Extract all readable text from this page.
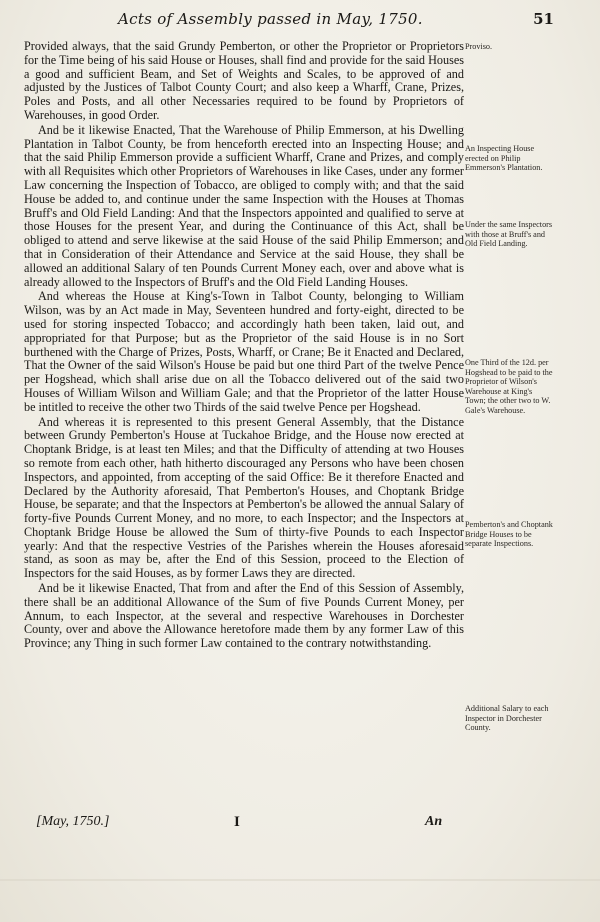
Acts of Assembly passed in May, 1750.	51

Provided always, that the said Grundy Pemberton, or other the Proprietor or Proprietors for the Time being of his said House or Houses, shall find and provide for the said Houses a good and sufficient Beam, and Set of Weights and Scales, to be approved of and adjusted by the Justices of Talbot County Court; and also keep a Wharff, Crane, Prizes, Poles and Posts, and all other Necessaries required to be found by Proprietors of Warehouses, in good Order.

And be it likewise Enacted, That the Warehouse of Philip Emmerson, at his Dwelling Plantation in Talbot County, be from henceforth erected into an Inspecting House; and that the said Philip Emmerson provide a sufficient Wharff, Crane and Prizes, and comply with all Requisites which other Proprietors of Warehouses in like Cases, under any former Law concerning the Inspection of Tobacco, are obliged to comply with; and that the said House be added to, and continue under the same Inspection with the Houses at Thomas Bruff's and Old Field Landing: And that the Inspectors appointed and qualified to serve at those Houses for the present Year, and during the Continuance of this Act, shall be obliged to attend and serve likewise at the said House of the said Philip Emmerson; and that in Consideration of their Attendance and Service at the said House, they shall be allowed an additional Salary of ten Pounds Current Money each, over and above what is already allowed to the Inspectors of Bruff's and the Old Field Landing Houses.

And whereas the House at King's-Town in Talbot County, belonging to William Wilson, was by an Act made in May, Seventeen hundred and forty-eight, directed to be used for storing inspected Tobacco; and accordingly hath been taken, laid out, and appropriated for that Purpose; but as the Proprietor of the said House is in no Sort burthened with the Charge of Prizes, Posts, Wharff, or Crane; Be it Enacted and Declared, That the Owner of the said Wilson's House be paid but one third Part of the twelve Pence per Hogshead, which shall arise due on all the Tobacco delivered out of the said two Houses of William Wilson and William Gale; and that the Proprietor of the latter House be intitled to receive the other two Thirds of the said twelve Pence per Hogshead.

And whereas it is represented to this present General Assembly, that the Distance between Grundy Pemberton's House at Tuckahoe Bridge, and the House now erected at Choptank Bridge, is at least ten Miles; and that the Difficulty of attending at two Houses so remote from each other, hath hitherto discouraged any Persons who have been chosen Inspectors, and appointed, from accepting of the said Office: Be it therefore Enacted and Declared by the Authority aforesaid, That Pemberton's Houses, and Choptank Bridge House, be separate; and that the Inspectors at Pemberton's be allowed the annual Salary of forty-five Pounds Current Money, and no more, to each Inspector; and the Inspectors at Choptank Bridge House be allowed the Sum of thirty-five Pounds to each Inspector yearly: And that the respective Vestries of the Parishes wherein the Houses aforesaid stand, as soon as may be, after the End of this Session, proceed to the Election of Inspectors for the said Houses, as by former Laws they are directed.

And be it likewise Enacted, That from and after the End of this Session of Assembly, there shall be an additional Allowance of the Sum of five Pounds Current Money, per Annum, to each Inspector, at the several and respective Warehouses in Dorchester County, over and above the Allowance heretofore made them by any former Law of this Province; any Thing in such former Law contained to the contrary notwithstanding.

Proviso.
An Inspecting House erected on Philip Emmerson's Plantation.
Under the same Inspectors with those at Bruff's and Old Field Landing.
One Third of the 12d. per Hogshead to be paid to the Proprietor of Wilson's Warehouse at King's Town; the other two to W. Gale's Warehouse.
Pemberton's and Choptank Bridge Houses to be separate Inspections.
Additional Salary to each Inspector in Dorchester County.
[May, 1750.]	I	An
